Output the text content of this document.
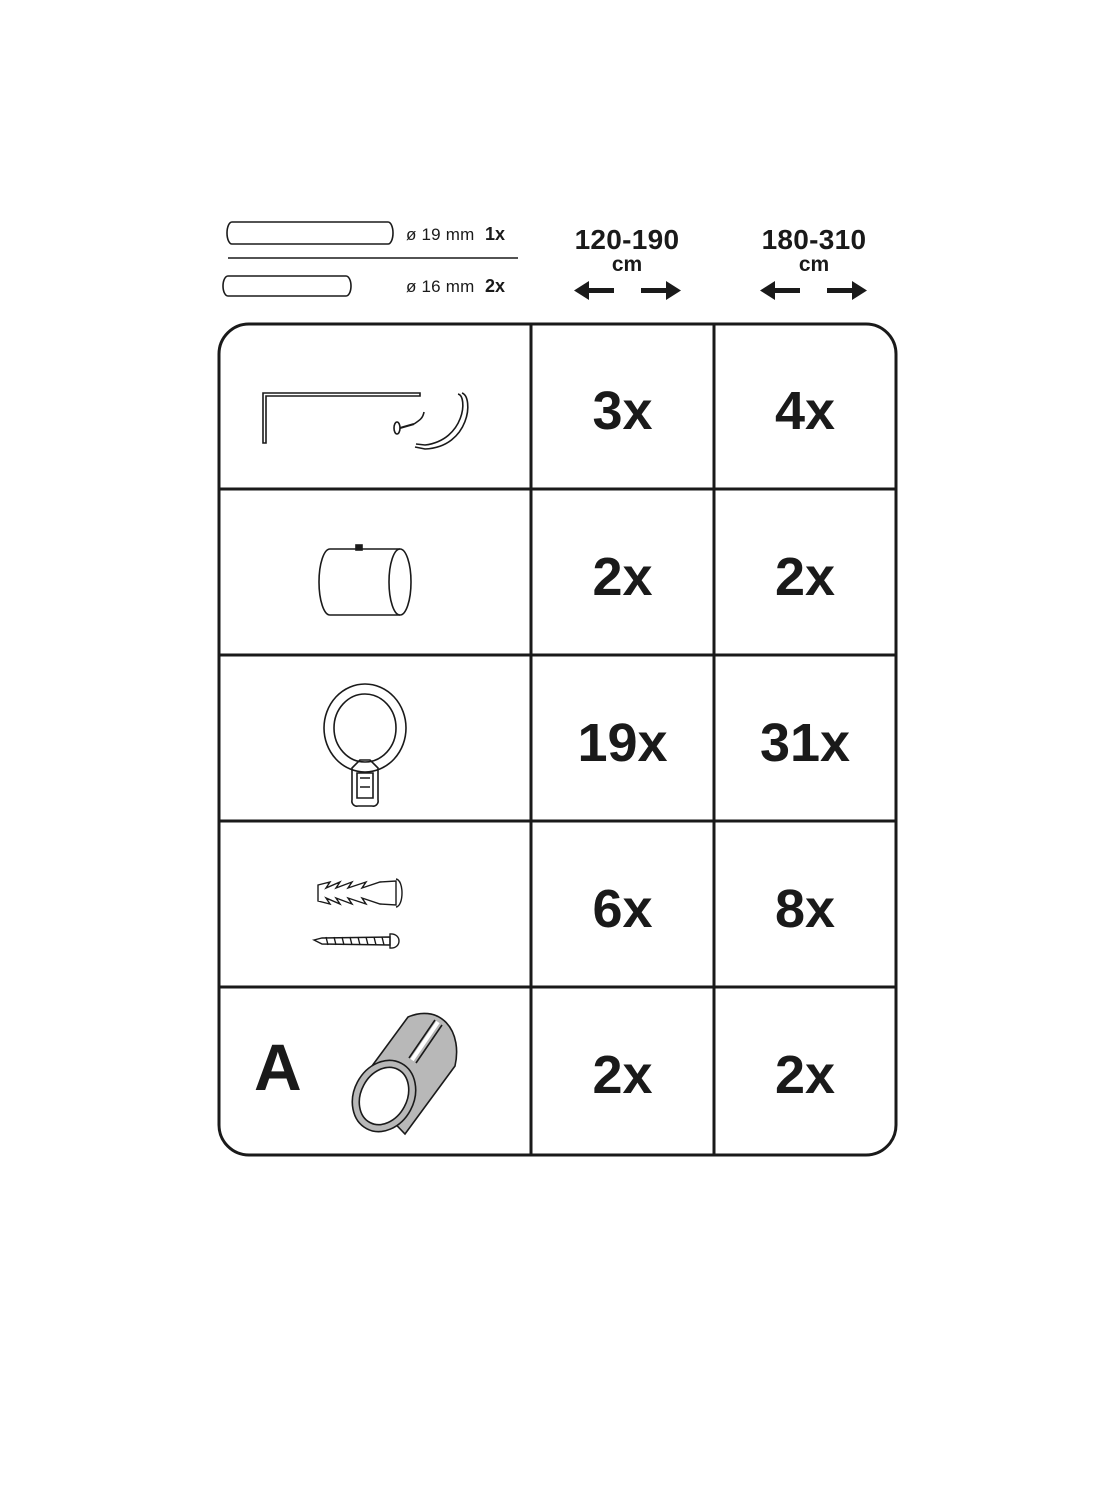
ø 19 mm 1x
ø 16 mm 2x
120-190
cm
180-310
cm
3x	4x
2x	2x
19x	31x
6x	8x
2x	2x
A
